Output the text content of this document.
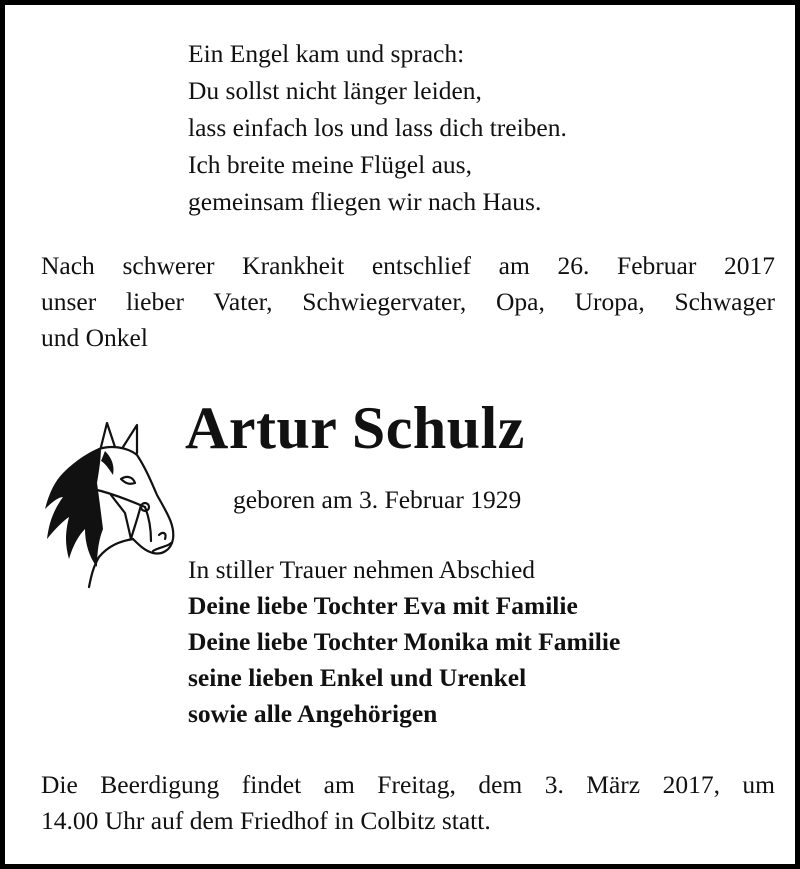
Ein Engel kam und sprach:
Du sollst nicht länger leiden,
lass einfach los und lass dich treiben.
Ich breite meine Flügel aus,
gemeinsam fliegen wir nach Haus.
Nach schwerer Krankheit entschlief am 26. Februar 2017
unser lieber Vater, Schwiegervater, Opa, Uropa, Schwager
und Onkel
Artur Schulz
geboren am 3. Februar 1929
In stiller Trauer nehmen Abschied
Deine liebe Tochter Eva mit Familie
Deine liebe Tochter Monika mit Familie
seine lieben Enkel und Urenkel
sowie alle Angehörigen
Die Beerdigung findet am Freitag, dem 3. März 2017, um
14.00 Uhr auf dem Friedhof in Colbitz statt.
